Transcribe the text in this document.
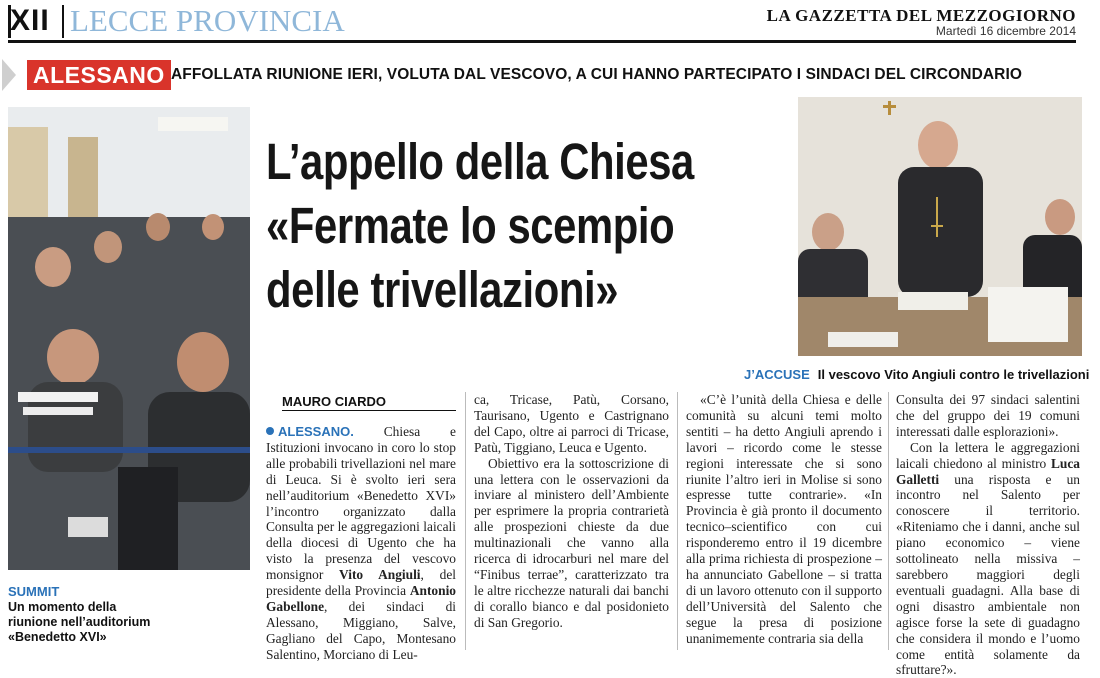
XII LECCE PROVINCIA	LA GAZZETTA DEL MEZZOGIORNO
Martedì 16 dicembre 2014
ALESSANO AFFOLLATA RIUNIONE IERI, VOLUTA DAL VESCOVO, A CUI HANNO PARTECIPATO I SINDACI DEL CIRCONDARIO
SUMMIT
Un momento della riunione nell’auditorium «Benedetto XVI»
J’ACCUSE Il vescovo Vito Angiuli contro le trivellazioni
L’appello della Chiesa
«Fermate lo scempio
delle trivellazioni»
MAURO CIARDO

ALESSANO. Chiesa e Istituzioni invocano in coro lo stop alle probabili trivellazioni nel mare di Leuca. Si è svolto ieri sera nell’auditorium «Benedetto XVI» l’incontro organizzato dalla Consulta per le aggregazioni laicali della diocesi di Ugento che ha visto la presenza del vescovo monsignor Vito Angiuli, del presidente della Provincia Antonio Gabellone, dei sindaci di Alessano, Miggiano, Salve, Gagliano del Capo, Montesano Salentino, Morciano di Leu-

ca, Tricase, Patù, Corsano, Taurisano, Ugento e Castrignano del Capo, oltre ai parroci di Tricase, Patù, Tiggiano, Leuca e Ugento.

Obiettivo era la sottoscrizione di una lettera con le osservazioni da inviare al ministero dell’Ambiente per esprimere la propria contrarietà alle prospezioni chieste da due multinazionali che vanno alla ricerca di idrocarburi nel mare del “Finibus terrae”, caratterizzato tra le altre ricchezze naturali dai banchi di corallo bianco e dal posidonieto di San Gregorio.

«C’è l’unità della Chiesa e delle comunità su alcuni temi molto sentiti – ha detto Angiuli aprendo i lavori – ricordo come le stesse regioni interessate che si sono riunite l’altro ieri in Molise si sono espresse tutte contrarie». «In Provincia è già pronto il documento tecnico–scientifico con cui risponderemo entro il 19 dicembre alla prima richiesta di prospezione – ha annunciato Gabellone – si tratta di un lavoro ottenuto con il supporto dell’Università del Salento che segue la presa di posizione unanimemente contraria sia della

Consulta dei 97 sindaci salentini che del gruppo dei 19 comuni interessati dalle esplorazioni».

Con la lettera le aggregazioni laicali chiedono al ministro Luca Galletti una risposta e un incontro nel Salento per conoscere il territorio. «Riteniamo che i danni, anche sul piano economico – viene sottolineato nella missiva – sarebbero maggiori degli eventuali guadagni. Alla base di ogni disastro ambientale non agisce forse la sete di guadagno che considera il mondo e l’uomo come entità solamente da sfruttare?».
